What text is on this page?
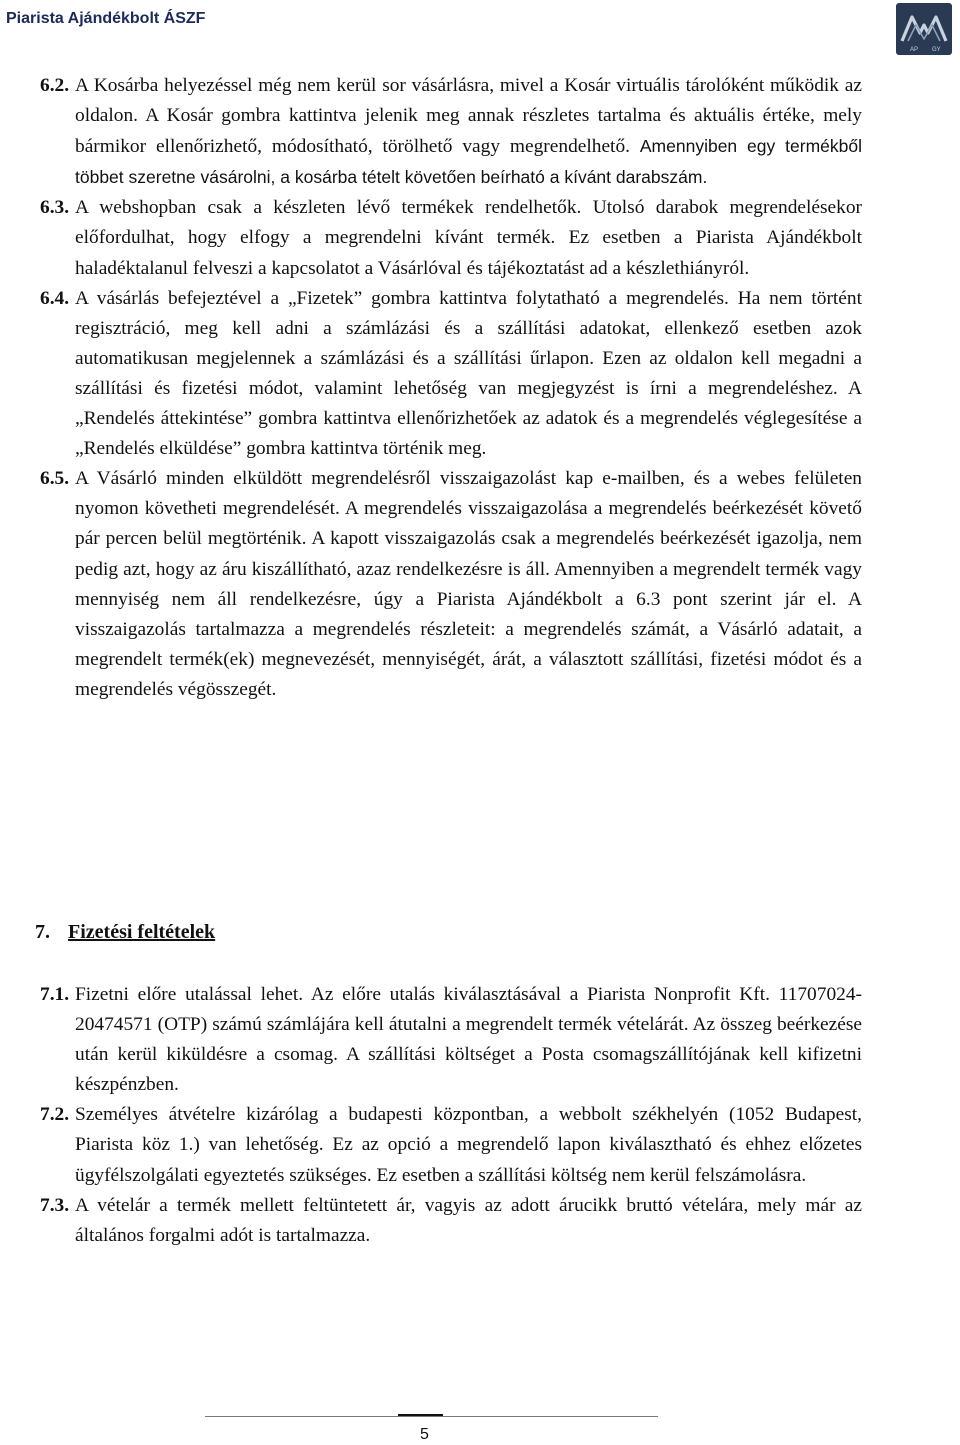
Piarista Ajándékbolt ÁSZF
AP GY
6.2. A Kosárba helyezéssel még nem kerül sor vásárlásra, mivel a Kosár virtuális tárolóként működik az oldalon. A Kosár gombra kattintva jelenik meg annak részletes tartalma és aktuális értéke, mely bármikor ellenőrizhető, módosítható, törölhető vagy megrendelhető. Amennyiben egy termékből többet szeretne vásárolni, a kosárba tételt követően beírható a kívánt darabszám.
6.3. A webshopban csak a készleten lévő termékek rendelhetők. Utolsó darabok megrendelésekor előfordulhat, hogy elfogy a megrendelni kívánt termék. Ez esetben a Piarista Ajándékbolt haladéktalanul felveszi a kapcsolatot a Vásárlóval és tájékoztatást ad a készlethiányról.
6.4. A vásárlás befejeztével a „Fizetek” gombra kattintva folytatható a megrendelés. Ha nem történt regisztráció, meg kell adni a számlázási és a szállítási adatokat, ellenkező esetben azok automatikusan megjelennek a számlázási és a szállítási űrlapon. Ezen az oldalon kell megadni a szállítási és fizetési módot, valamint lehetőség van megjegyzést is írni a megrendeléshez. A „Rendelés áttekintése” gombra kattintva ellenőrizhetőek az adatok és a megrendelés véglegesítése a „Rendelés elküldése” gombra kattintva történik meg.
6.5. A Vásárló minden elküldött megrendelésről visszaigazolást kap e-mailben, és a webes felületen nyomon követheti megrendelését. A megrendelés visszaigazolása a megrendelés beérkezését követő pár percen belül megtörténik. A kapott visszaigazolás csak a megrendelés beérkezését igazolja, nem pedig azt, hogy az áru kiszállítható, azaz rendelkezésre is áll. Amennyiben a megrendelt termék vagy mennyiség nem áll rendelkezésre, úgy a Piarista Ajándékbolt a 6.3 pont szerint jár el. A visszaigazolás tartalmazza a megrendelés részleteit: a megrendelés számát, a Vásárló adatait, a megrendelt termék(ek) megnevezését, mennyiségét, árát, a választott szállítási, fizetési módot és a megrendelés végösszegét.
7. Fizetési feltételek
7.1. Fizetni előre utalással lehet. Az előre utalás kiválasztásával a Piarista Nonprofit Kft. 11707024-20474571 (OTP) számú számlájára kell átutalni a megrendelt termék vételárát. Az összeg beérkezése után kerül kiküldésre a csomag. A szállítási költséget a Posta csomagszállítójának kell kifizetni készpénzben.
7.2. Személyes átvételre kizárólag a budapesti központban, a webbolt székhelyén (1052 Budapest, Piarista köz 1.) van lehetőség. Ez az opció a megrendelő lapon kiválasztható és ehhez előzetes ügyfélszolgálati egyeztetés szükséges. Ez esetben a szállítási költség nem kerül felszámolásra.
7.3. A vételár a termék mellett feltüntetett ár, vagyis az adott árucikk bruttó vételára, mely már az általános forgalmi adót is tartalmazza.
5
